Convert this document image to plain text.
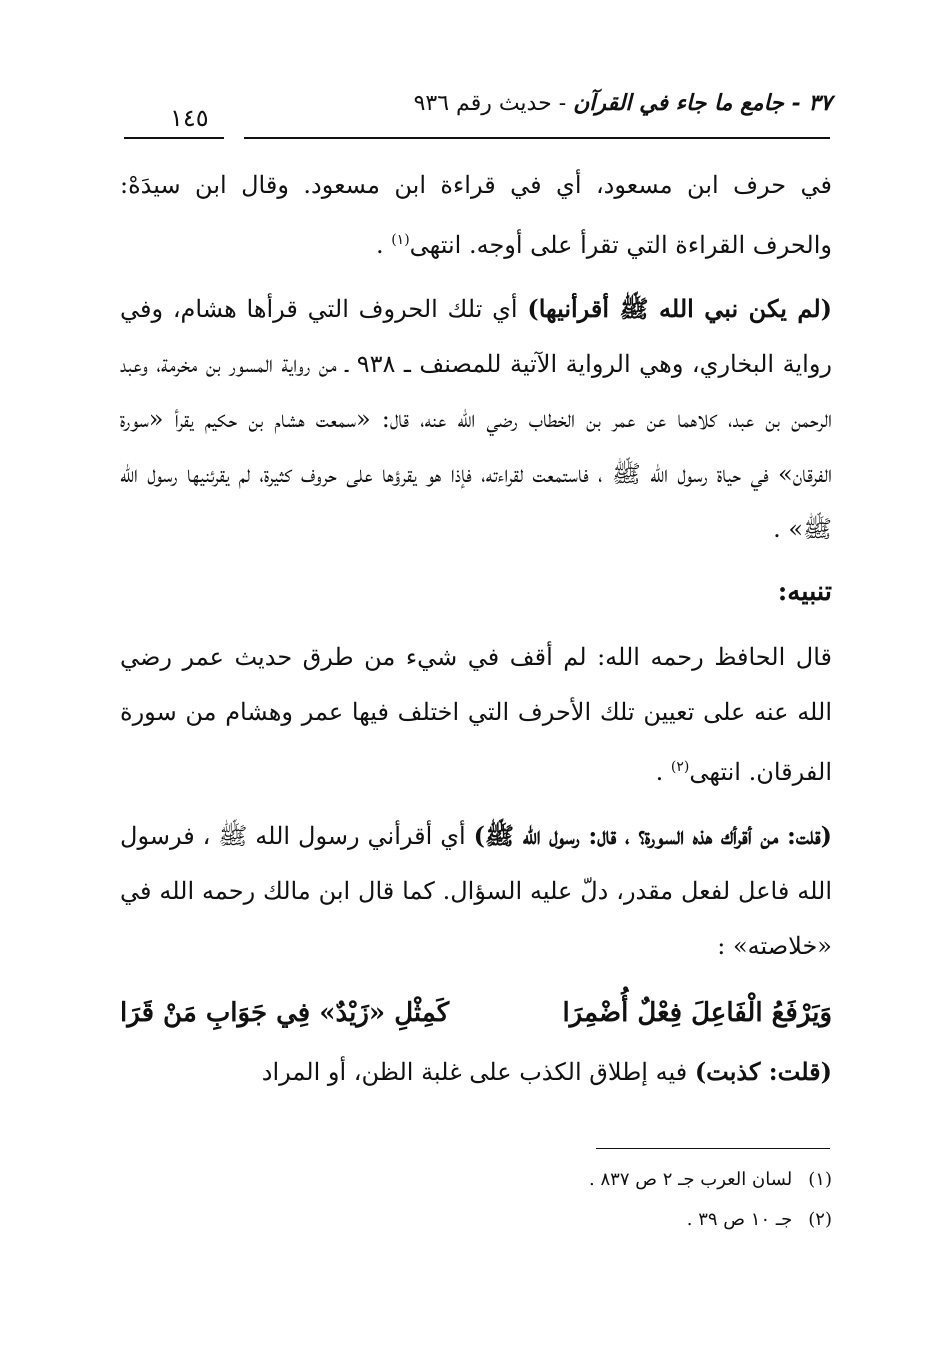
٣٧ - جامع ما جاء في القرآن - حديث رقم ٩٣٦
١٤٥

في حرف ابن مسعود، أي في قراءة ابن مسعود. وقال ابن سيدَهْ: والحرف القراءة التي تقرأ على أوجه. انتهى$^{(١)}$ .

(لم يكن نبي الله ﷺ أقرأنيها) أي تلك الحروف التي قرأها هشام، وفي رواية البخاري، وهي الرواية الآتية للمصنف ـ ٩٣٨ ـ من رواية المسور بن مخرمة، وعبد الرحمن بن عبد، كلاهما عن عمر بن الخطاب رضي الله عنه، قال: «سمعت هشام بن حكيم يقرأ «سورة الفرقان» في حياة رسول الله ﷺ ، فاستمعت لقراءته، فإذا هو يقرؤها على حروف كثيرة، لم يقرئنيها رسول الله ﷺ» .

تنبيه:

قال الحافظ رحمه الله: لم أقف في شيء من طرق حديث عمر رضي الله عنه على تعيين تلك الأحرف التي اختلف فيها عمر وهشام من سورة الفرقان. انتهى$^{(٢)}$ .

(قلت: من أقرأك هذه السورة؟ ، قال: رسول الله ﷺ) أي أقرأني رسول الله ﷺ ، فرسول الله فاعل لفعل مقدر، دلّ عليه السؤال. كما قال ابن مالك رحمه الله في «خلاصته» :

وَيَرْفَعُ الْفَاعِلَ فِعْلٌ أُضْمِرَا
كَمِثْلِ «زَيْدٌ» فِي جَوَابِ مَنْ قَرَا

(قلت: كذبت) فيه إطلاق الكذب على غلبة الظن، أو المراد

(١)
لسان العرب جـ ٢ ص ٨٣٧ .
(٢)
جـ ١٠ ص ٣٩ .
